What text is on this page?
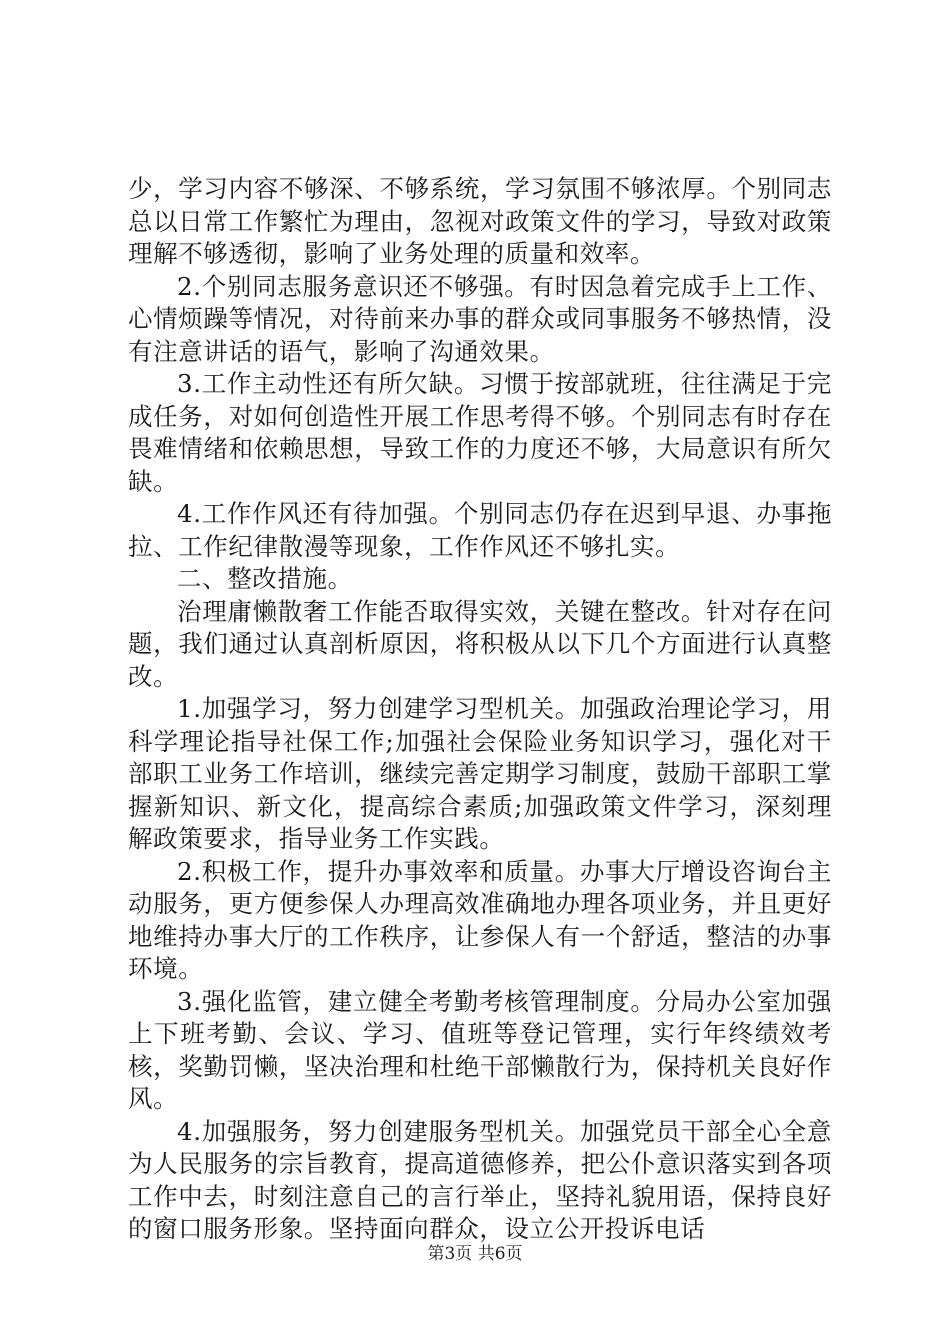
少，学习内容不够深、不够系统，学习氛围不够浓厚。个别同志总以日常工作繁忙为理由，忽视对政策文件的学习，导致对政策理解不够透彻，影响了业务处理的质量和效率。

2.个别同志服务意识还不够强。有时因急着完成手上工作、心情烦躁等情况，对待前来办事的群众或同事服务不够热情，没有注意讲话的语气，影响了沟通效果。

3.工作主动性还有所欠缺。习惯于按部就班，往往满足于完成任务，对如何创造性开展工作思考得不够。个别同志有时存在畏难情绪和依赖思想，导致工作的力度还不够，大局意识有所欠缺。

4.工作作风还有待加强。个别同志仍存在迟到早退、办事拖拉、工作纪律散漫等现象，工作作风还不够扎实。

二、整改措施。

治理庸懒散奢工作能否取得实效，关键在整改。针对存在问题，我们通过认真剖析原因，将积极从以下几个方面进行认真整改。

1.加强学习，努力创建学习型机关。加强政治理论学习，用科学理论指导社保工作;加强社会保险业务知识学习，强化对干部职工业务工作培训，继续完善定期学习制度，鼓励干部职工掌握新知识、新文化，提高综合素质;加强政策文件学习，深刻理解政策要求，指导业务工作实践。

2.积极工作，提升办事效率和质量。办事大厅增设咨询台主动服务，更方便参保人办理高效准确地办理各项业务，并且更好地维持办事大厅的工作秩序，让参保人有一个舒适，整洁的办事环境。

3.强化监管，建立健全考勤考核管理制度。分局办公室加强上下班考勤、会议、学习、值班等登记管理，实行年终绩效考核，奖勤罚懒，坚决治理和杜绝干部懒散行为，保持机关良好作风。

4.加强服务，努力创建服务型机关。加强党员干部全心全意为人民服务的宗旨教育，提高道德修养，把公仆意识落实到各项工作中去，时刻注意自己的言行举止，坚持礼貌用语，保持良好的窗口服务形象。坚持面向群众，设立公开投诉电话

第3页 共6页
